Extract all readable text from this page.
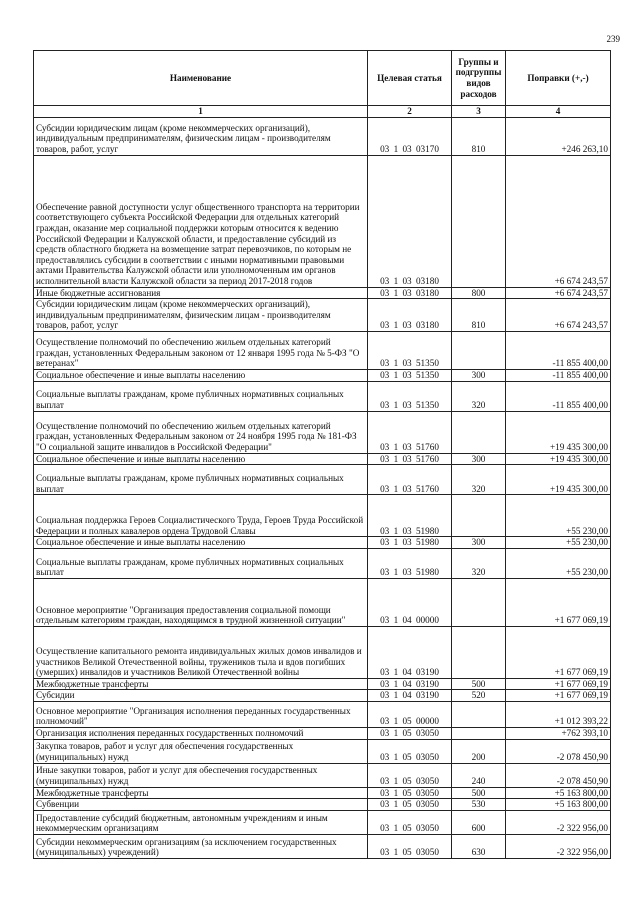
239
Наименование	Целевая статья	Группы и подгруппы видов расходов	Поправки (+,-)
1	2	3	4
Субсидии юридическим лицам (кроме некоммерческих организаций), индивидуальным предпринимателям, физическим лицам - производителям товаров, работ, услуг	03 1 03 03170	810	+246 263,10
Обеспечение равной доступности услуг общественного транспорта на территории соответствующего субъекта Российской Федерации для отдельных категорий граждан, оказание мер социальной поддержки которым относится к ведению Российской Федерации и Калужской области, и предоставление субсидий из средств областного бюджета на возмещение затрат перевозчиков, по которым не предоставлялись субсидии в соответствии с иными нормативными правовыми актами Правительства Калужской области или уполномоченным им органов исполнительной власти Калужской области за период 2017-2018 годов	03 1 03 03180		+6 674 243,57
Иные бюджетные ассигнования	03 1 03 03180	800	+6 674 243,57
Субсидии юридическим лицам (кроме некоммерческих организаций), индивидуальным предпринимателям, физическим лицам - производителям товаров, работ, услуг	03 1 03 03180	810	+6 674 243,57
Осуществление полномочий по обеспечению жильем отдельных категорий граждан, установленных Федеральным законом от 12 января 1995 года № 5-ФЗ "О ветеранах"	03 1 03 51350		-11 855 400,00
Социальное обеспечение и иные выплаты населению	03 1 03 51350	300	-11 855 400,00
Социальные выплаты гражданам, кроме публичных нормативных социальных выплат	03 1 03 51350	320	-11 855 400,00
Осуществление полномочий по обеспечению жильем отдельных категорий граждан, установленных Федеральным законом от 24 ноября 1995 года № 181-ФЗ "О социальной защите инвалидов в Российской Федерации"	03 1 03 51760		+19 435 300,00
Социальное обеспечение и иные выплаты населению	03 1 03 51760	300	+19 435 300,00
Социальные выплаты гражданам, кроме публичных нормативных социальных выплат	03 1 03 51760	320	+19 435 300,00
Социальная поддержка Героев Социалистического Труда, Героев Труда Российской Федерации и полных кавалеров ордена Трудовой Славы	03 1 03 51980		+55 230,00
Социальное обеспечение и иные выплаты населению	03 1 03 51980	300	+55 230,00
Социальные выплаты гражданам, кроме публичных нормативных социальных выплат	03 1 03 51980	320	+55 230,00
Основное мероприятие "Организация предоставления социальной помощи отдельным категориям граждан, находящимся в трудной жизненной ситуации"	03 1 04 00000		+1 677 069,19
Осуществление капитального ремонта индивидуальных жилых домов инвалидов и участников Великой Отечественной войны, тружеников тыла и вдов погибших (умерших) инвалидов и участников Великой Отечественной войны	03 1 04 03190		+1 677 069,19
Межбюджетные трансферты	03 1 04 03190	500	+1 677 069,19
Субсидии	03 1 04 03190	520	+1 677 069,19
Основное мероприятие "Организация исполнения переданных государственных полномочий"	03 1 05 00000		+1 012 393,22
Организация исполнения переданных государственных полномочий	03 1 05 03050		+762 393,10
Закупка товаров, работ и услуг для обеспечения государственных (муниципальных) нужд	03 1 05 03050	200	-2 078 450,90
Иные закупки товаров, работ и услуг для обеспечения государственных (муниципальных) нужд	03 1 05 03050	240	-2 078 450,90
Межбюджетные трансферты	03 1 05 03050	500	+5 163 800,00
Субвенции	03 1 05 03050	530	+5 163 800,00
Предоставление субсидий бюджетным, автономным учреждениям и иным некоммерческим организациям	03 1 05 03050	600	-2 322 956,00
Субсидии некоммерческим организациям (за исключением государственных (муниципальных) учреждений)	03 1 05 03050	630	-2 322 956,00
